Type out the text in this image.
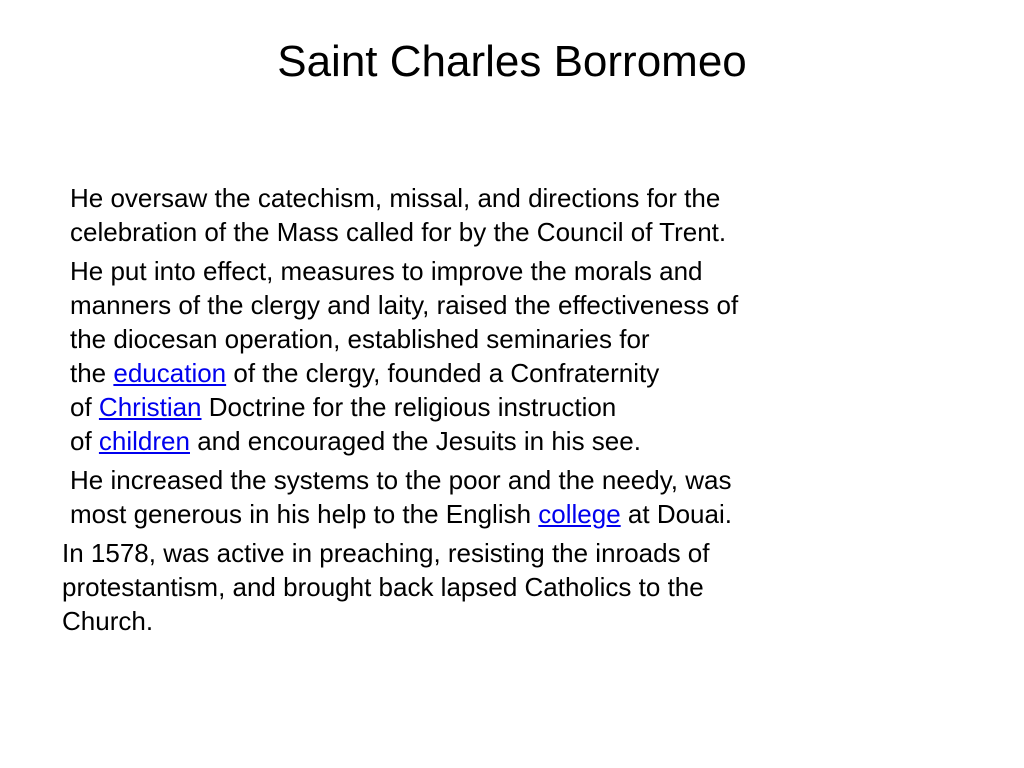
Saint Charles Borromeo

He oversaw the catechism, missal, and directions for the
celebration of the Mass called for by the Council of Trent.

He put into effect, measures to improve the morals and
manners of the clergy and laity, raised the effectiveness of
the diocesan operation, established seminaries for
the education of the clergy, founded a Confraternity
of Christian Doctrine for the religious instruction
of children and encouraged the Jesuits in his see.

He increased the systems to the poor and the needy, was
most generous in his help to the English college at Douai.

In 1578, was active in preaching, resisting the inroads of
protestantism, and brought back lapsed Catholics to the
Church.
